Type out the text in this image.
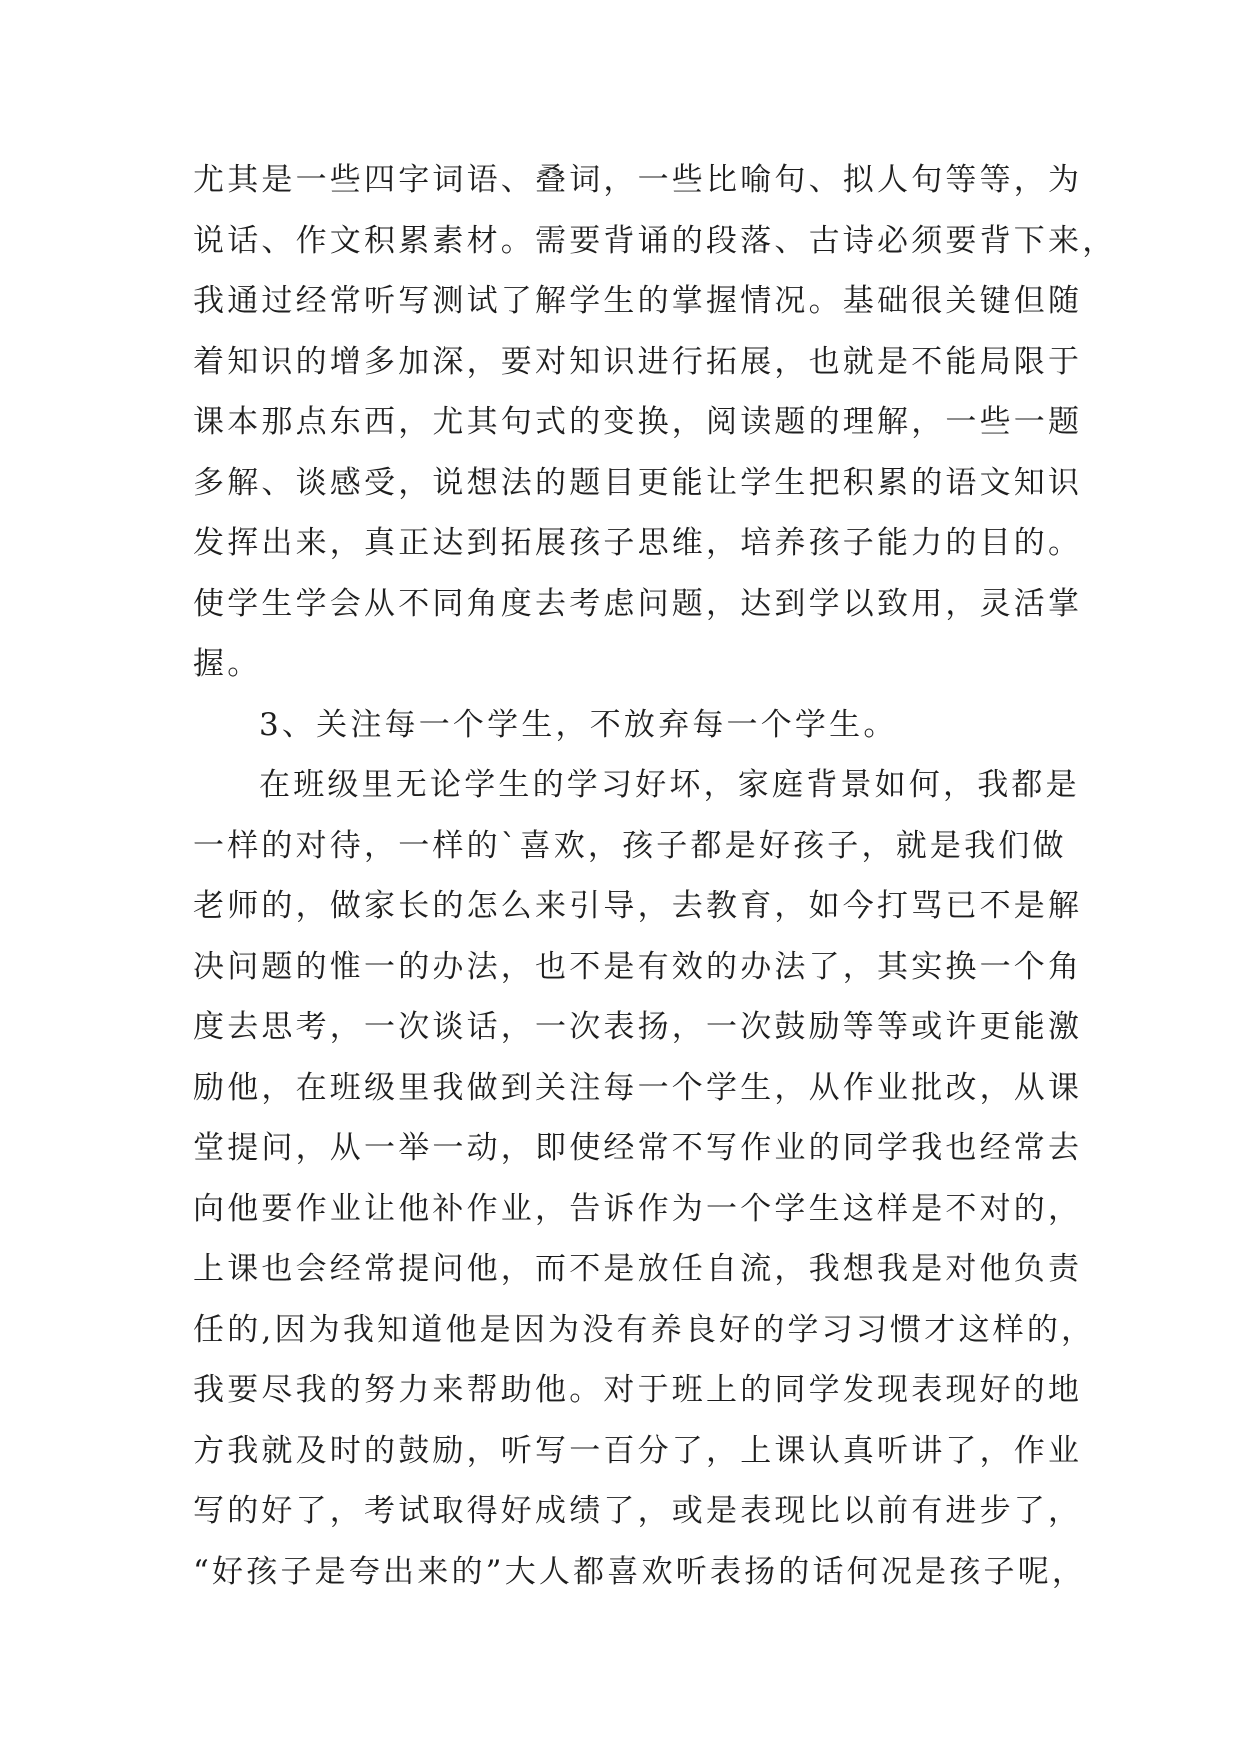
尤其是一些四字词语、叠词，一些比喻句、拟人句等等，为
说话、作文积累素材。需要背诵的段落、古诗必须要背下来，
我通过经常听写测试了解学生的掌握情况。基础很关键但随
着知识的增多加深，要对知识进行拓展，也就是不能局限于
课本那点东西，尤其句式的变换，阅读题的理解，一些一题
多解、谈感受，说想法的题目更能让学生把积累的语文知识
发挥出来，真正达到拓展孩子思维，培养孩子能力的目的。
使学生学会从不同角度去考虑问题，达到学以致用，灵活掌
握。
3、关注每一个学生，不放弃每一个学生。
在班级里无论学生的学习好坏，家庭背景如何，我都是
一样的对待，一样的`喜欢，孩子都是好孩子，就是我们做
老师的，做家长的怎么来引导，去教育，如今打骂已不是解
决问题的惟一的办法，也不是有效的办法了，其实换一个角
度去思考，一次谈话，一次表扬，一次鼓励等等或许更能激
励他，在班级里我做到关注每一个学生，从作业批改，从课
堂提问，从一举一动，即使经常不写作业的同学我也经常去
向他要作业让他补作业，告诉作为一个学生这样是不对的，
上课也会经常提问他，而不是放任自流，我想我是对他负责
任的,因为我知道他是因为没有养良好的学习习惯才这样的，
我要尽我的努力来帮助他。对于班上的同学发现表现好的地
方我就及时的鼓励，听写一百分了，上课认真听讲了，作业
写的好了，考试取得好成绩了，或是表现比以前有进步了，
“好孩子是夸出来的”大人都喜欢听表扬的话何况是孩子呢，
